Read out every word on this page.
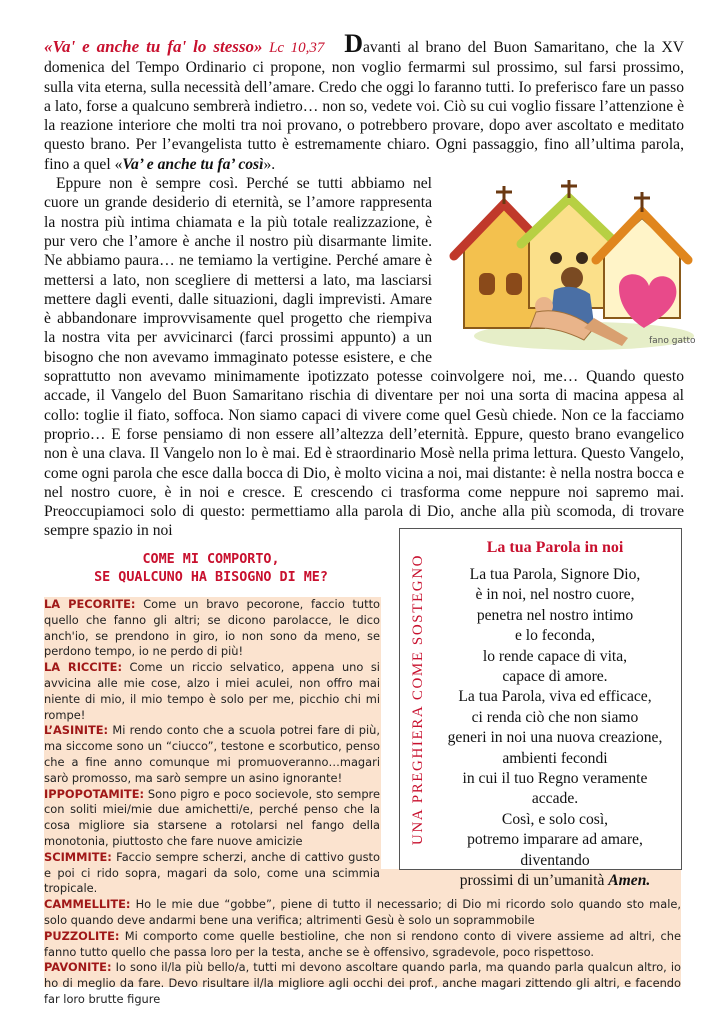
«Va' e anche tu fa' lo stesso» Lc 10,37 Davanti al brano del Buon Samaritano, che la XV domenica del Tempo Ordinario ci propone, non voglio fermarmi sul prossimo, sul farsi prossimo, sulla vita eterna, sulla necessità dell’amare. Credo che oggi lo faranno tutti. Io preferisco fare un passo a lato, forse a qualcuno sembrerà indietro… non so, vedete voi. Ciò su cui voglio fissare l’attenzione è la reazione interiore che molti tra noi provano, o potrebbero provare, dopo aver ascoltato e meditato questo brano. Per l’evangelista tutto è estremamente chiaro. Ogni passaggio, fino all’ultima parola, fino a quel «Va’ e anche tu fa’ così».

fano gatto

Eppure non è sempre così. Perché se tutti abbiamo nel cuore un grande desiderio di eternità, se l’amore rappresenta la nostra più intima chiamata e la più totale realizzazione, è pur vero che l’amore è anche il nostro più disarmante limite. Ne abbiamo paura… ne temiamo la vertigine. Perché amare è mettersi a lato, non scegliere di mettersi a lato, ma lasciarsi mettere dagli eventi, dalle situazioni, dagli imprevisti. Amare è abbandonare improvvisamente quel progetto che riempiva la nostra vita per avvicinarci (farci prossimi appunto) a un bisogno che non avevamo immaginato potesse esistere, e che soprattutto non avevamo minimamente ipotizzato potesse coinvolgere noi, me… Quando questo accade, il Vangelo del Buon Samaritano rischia di diventare per noi una sorta di macina appesa al collo: toglie il fiato, soffoca. Non siamo capaci di vivere come quel Gesù chiede. Non ce la facciamo proprio… E forse pensiamo di non essere all’altezza dell’eternità. Eppure, questo brano evangelico non è una clava. Il Vangelo non lo è mai. Ed è straordinario Mosè nella prima lettura. Questo Vangelo, come ogni parola che esce dalla bocca di Dio, è molto vicina a noi, mai distante: è nella nostra bocca e nel nostro cuore, è in noi e cresce. E crescendo ci trasforma come neppure noi sapremo mai. Preoccupiamoci solo di questo: permettiamo alla parola di Dio, anche alla più scomoda, di trovare sempre spazio in noi

COME MI COMPORTO,
SE QUALCUNO HA BISOGNO DI ME?

LA PECORITE: Come un bravo pecorone, faccio tutto quello che fanno gli altri; se dicono parolacce, le dico anch'io, se prendono in giro, io non sono da meno, se perdono tempo, io ne perdo di più!

LA RICCITE: Come un riccio selvatico, appena uno si avvicina alle mie cose, alzo i miei aculei, non offro mai niente di mio, il mio tempo è solo per me, picchio chi mi rompe!

L’ASINITE: Mi rendo conto che a scuola potrei fare di più, ma siccome sono un “ciucco”, testone e scorbutico, penso che a fine anno comunque mi promuoveranno…magari sarò promosso, ma sarò sempre un asino ignorante!

IPPOPOTAMITE: Sono pigro e poco socievole, sto sempre con soliti miei/mie due amichetti/e, perché penso che la cosa migliore sia starsene a rotolarsi nel fango della monotonia, piuttosto che fare nuove amicizie

SCIMMITE: Faccio sempre scherzi, anche di cattivo gusto e poi ci rido sopra, magari da solo, come una scimmia tropicale.

CAMMELLITE: Ho le mie due “gobbe”, piene di tutto il necessario; di Dio mi ricordo solo quando sto male, solo quando deve andarmi bene una verifica; altrimenti Gesù è solo un soprammobile

PUZZOLITE: Mi comporto come quelle bestioline, che non si rendono conto di vivere assieme ad altri, che fanno tutto quello che passa loro per la testa, anche se è offensivo, sgradevole, poco rispettoso.

PAVONITE: Io sono il/la più bello/a, tutti mi devono ascoltare quando parla, ma quando parla qualcun altro, io ho di meglio da fare. Devo risultare il/la migliore agli occhi dei prof., anche magari zittendo gli altri, e facendo far loro brutte figure

UNA PREGHIERA COME SOSTEGNO
La tua Parola in noi
La tua Parola, Signore Dio,
è in noi, nel nostro cuore,
penetra nel nostro intimo
e lo feconda,
lo rende capace di vita,
capace di amore.
La tua Parola, viva ed efficace,
ci renda ciò che non siamo
generi in noi una nuova creazione,
ambienti fecondi
in cui il tuo Regno veramente
accade.
Così, e solo così,
potremo imparare ad amare,
diventando
prossimi di un’umanità Amen.
